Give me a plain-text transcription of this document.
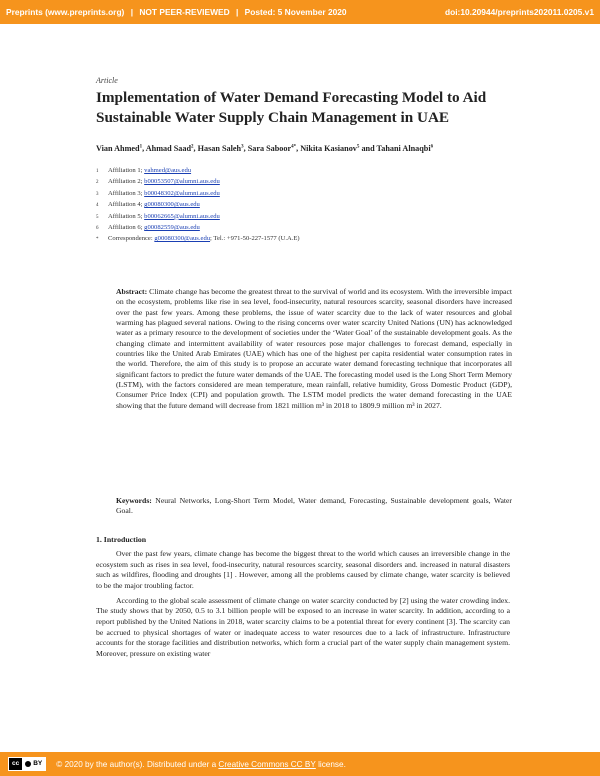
Preprints (www.preprints.org) | NOT PEER-REVIEWED | Posted: 5 November 2020	doi:10.20944/preprints202011.0205.v1
Article
Implementation of Water Demand Forecasting Model to Aid Sustainable Water Supply Chain Management in UAE
Vian Ahmed$^1$, Ahmad Saad$^2$, Hasan Saleh$^3$, Sara Saboor$^{4*}$, Nikita Kasianov$^5$ and Tahani Alnaqbi$^6$
1	Affiliation 1; vahmed@aus.edu
2	Affiliation 2; b00053507@alumni.aus.edu
3	Affiliation 3; b00048302@alumni.aus.edu
4	Affiliation 4; g00080300@aus.edu
5	Affiliation 5; b00062665@alumni.aus.edu
6	Affiliation 6; g00082559@aus.edu
*	Correspondence: g00080300@aus.edu; Tel.: +971-50-227-1577 (U.A.E)
Abstract: Climate change has become the greatest threat to the survival of world and its ecosystem. With the irreversible impact on the ecosystem, problems like rise in sea level, food-insecurity, natural resources scarcity, seasonal disorders have increased over the past few years. Among these problems, the issue of water scarcity due to the lack of water resources and global warming has plagued several nations. Owing to the rising concerns over water scarcity United Nations (UN) has acknowledged water as a primary resource to the development of societies under the ‘Water Goal’ of the sustainable development goals. As the changing climate and intermittent availability of water resources pose major challenges to forecast demand, especially in countries like the United Arab Emirates (UAE) which has one of the highest per capita residential water consumption rates in the world. Therefore, the aim of this study is to propose an accurate water demand forecasting technique that incorporates all significant factors to predict the future water demands of the UAE. The forecasting model used is the Long Short Term Memory (LSTM), with the factors considered are mean temperature, mean rainfall, relative humidity, Gross Domestic Product (GDP), Consumer Price Index (CPI) and population growth. The LSTM model predicts the water demand forecasting in the UAE showing that the future demand will decrease from 1821 million m³ in 2018 to 1809.9 million m³ in 2027.
Keywords: Neural Networks, Long-Short Term Model, Water demand, Forecasting, Sustainable development goals, Water Goal.
1. Introduction

Over the past few years, climate change has become the biggest threat to the world which causes an irreversible change in the ecosystem such as rises in sea level, food-insecurity, natural resources scarcity, seasonal disorders and. increased in natural disasters such as wildfires, flooding and droughts [1] . However, among all the problems caused by climate change, water scarcity is believed to be the major troubling factor.

According to the global scale assessment of climate change on water scarcity conducted by [2] using the water crowding index. The study shows that by 2050, 0.5 to 3.1 billion people will be exposed to an increase in water scarcity. In addition, according to a report published by the United Nations in 2018, water scarcity claims to be a potential threat for every continent [3]. The scarcity can be accrued to physical shortages of water or inadequate access to water resources due to a lack of infrastructure. Infrastructure accounts for the storage facilities and distribution networks, which form a crucial part of the water supply chain management system. Moreover, pressure on existing water

cc	BY © 2020 by the author(s). Distributed under a
Creative Commons CC BY
license.
